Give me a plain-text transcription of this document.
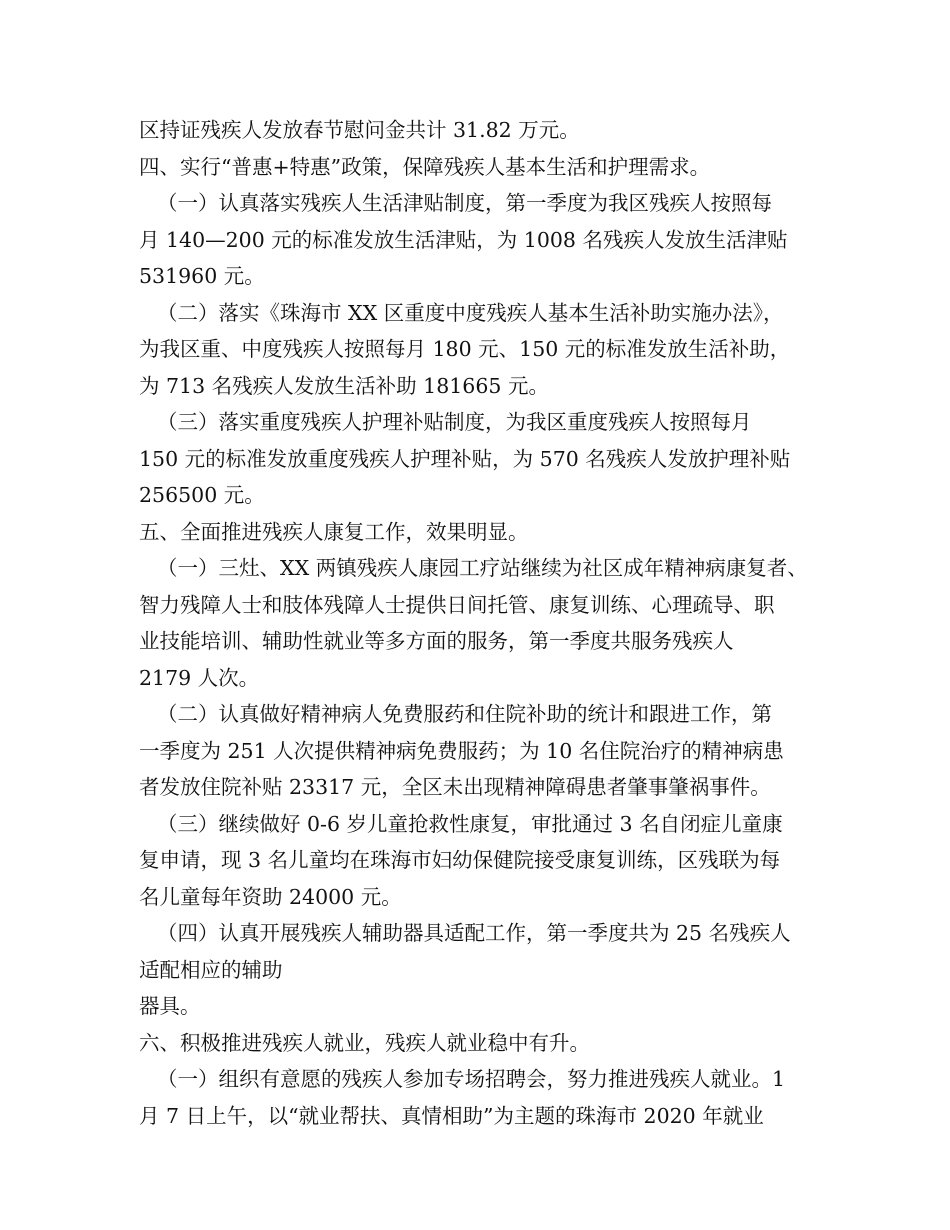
区持证残疾人发放春节慰问金共计 31.82 万元。
四、实行“普惠+特惠”政策，保障残疾人基本生活和护理需求。
（一）认真落实残疾人生活津贴制度，第一季度为我区残疾人按照每
月 140—200 元的标准发放生活津贴，为 1008 名残疾人发放生活津贴
531960 元。
（二）落实《珠海市 XX 区重度中度残疾人基本生活补助实施办法》，
为我区重、中度残疾人按照每月 180 元、150 元的标准发放生活补助，
为 713 名残疾人发放生活补助 181665 元。
（三）落实重度残疾人护理补贴制度，为我区重度残疾人按照每月
150 元的标准发放重度残疾人护理补贴，为 570 名残疾人发放护理补贴
256500 元。
五、全面推进残疾人康复工作，效果明显。
（一）三灶、XX 两镇残疾人康园工疗站继续为社区成年精神病康复者、
智力残障人士和肢体残障人士提供日间托管、康复训练、心理疏导、职
业技能培训、辅助性就业等多方面的服务，第一季度共服务残疾人
2179 人次。
（二）认真做好精神病人免费服药和住院补助的统计和跟进工作，第
一季度为 251 人次提供精神病免费服药；为 10 名住院治疗的精神病患
者发放住院补贴 23317 元，全区未出现精神障碍患者肇事肇祸事件。
（三）继续做好 0-6 岁儿童抢救性康复，审批通过 3 名自闭症儿童康
复申请，现 3 名儿童均在珠海市妇幼保健院接受康复训练，区残联为每
名儿童每年资助 24000 元。
（四）认真开展残疾人辅助器具适配工作，第一季度共为 25 名残疾人
适配相应的辅助
器具。
六、积极推进残疾人就业，残疾人就业稳中有升。
（一）组织有意愿的残疾人参加专场招聘会，努力推进残疾人就业。1
月 7 日上午，以“就业帮扶、真情相助”为主题的珠海市 2020 年就业
